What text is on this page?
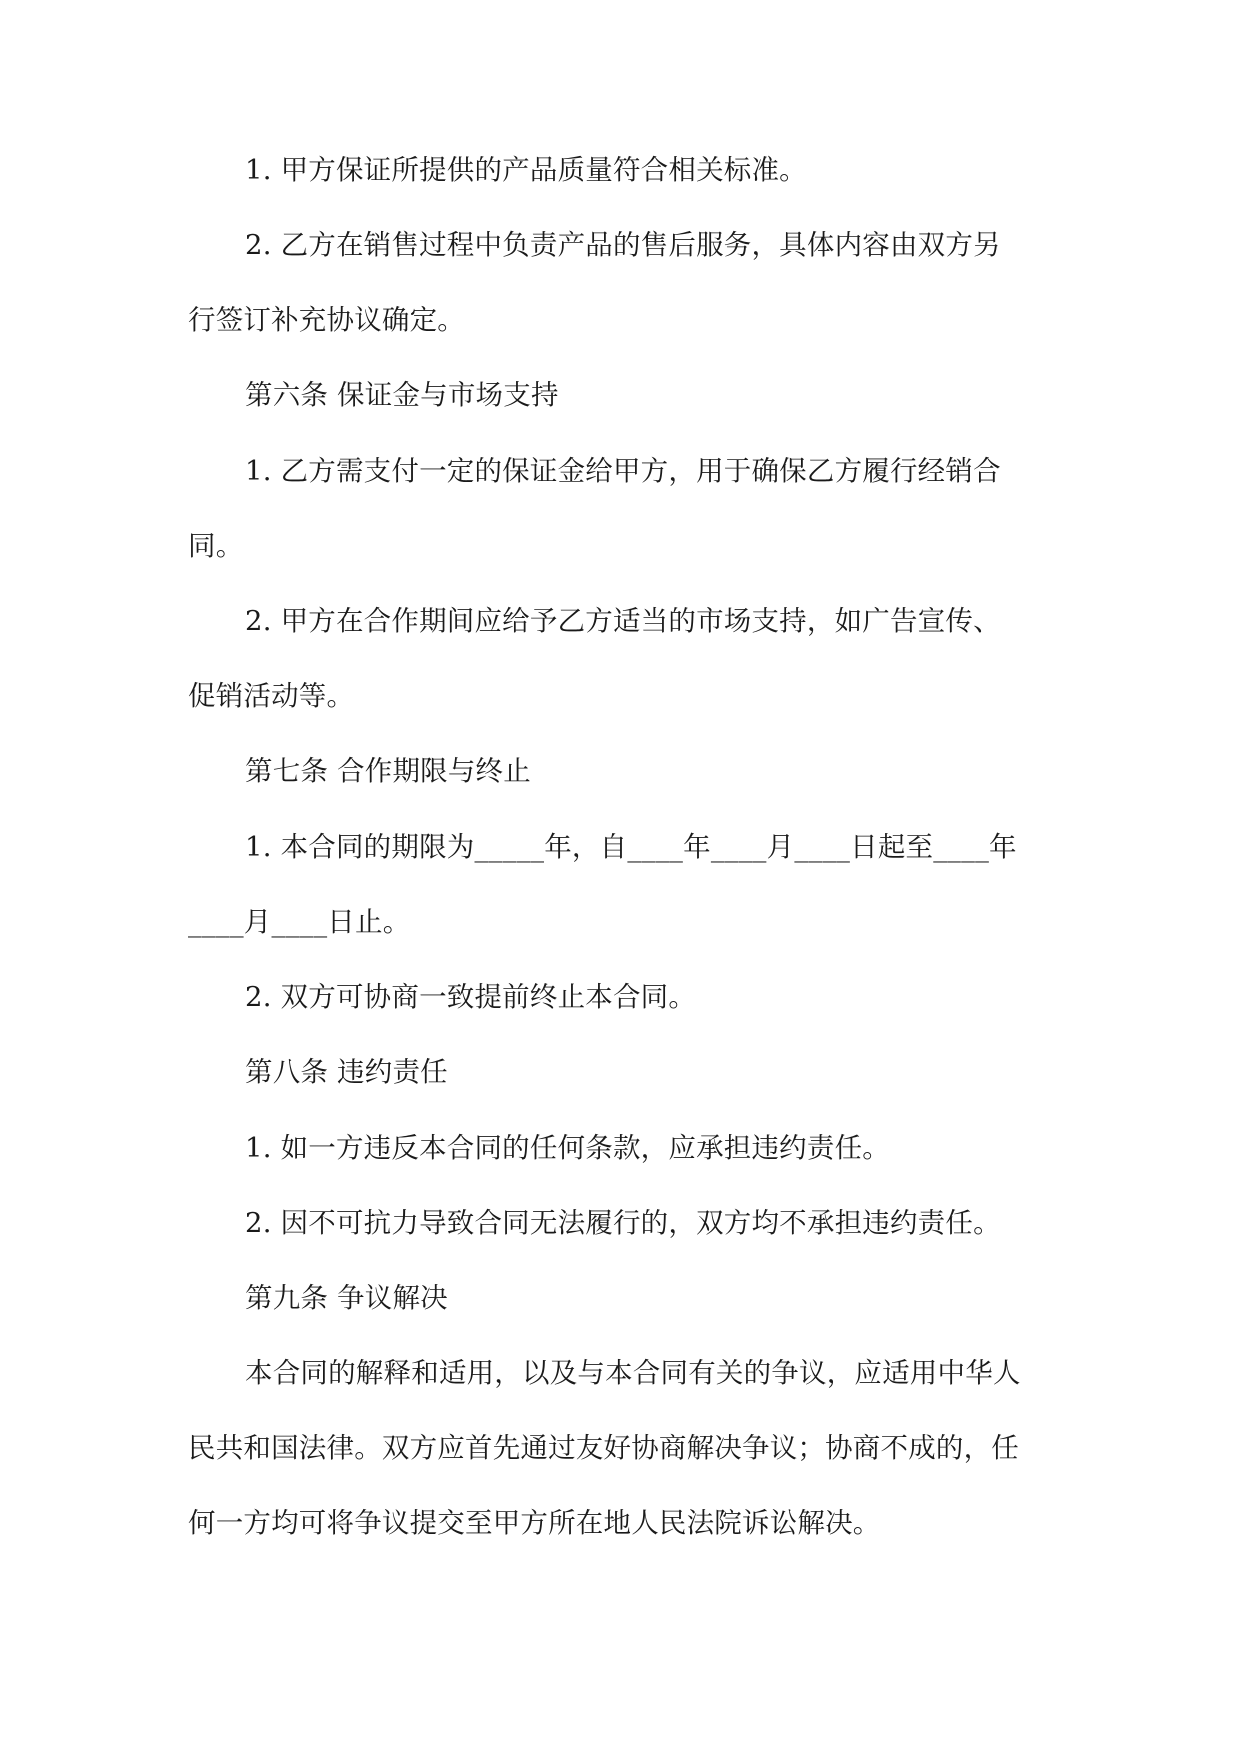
1. 甲方保证所提供的产品质量符合相关标准。
2. 乙方在销售过程中负责产品的售后服务，具体内容由双方另
行签订补充协议确定。
第六条 保证金与市场支持
1. 乙方需支付一定的保证金给甲方，用于确保乙方履行经销合
同。
2. 甲方在合作期间应给予乙方适当的市场支持，如广告宣传、
促销活动等。
第七条 合作期限与终止
1. 本合同的期限为_____年，自____年____月____日起至____年
____月____日止。
2. 双方可协商一致提前终止本合同。
第八条 违约责任
1. 如一方违反本合同的任何条款，应承担违约责任。
2. 因不可抗力导致合同无法履行的，双方均不承担违约责任。
第九条 争议解决
本合同的解释和适用，以及与本合同有关的争议，应适用中华人
民共和国法律。双方应首先通过友好协商解决争议；协商不成的，任
何一方均可将争议提交至甲方所在地人民法院诉讼解决。
